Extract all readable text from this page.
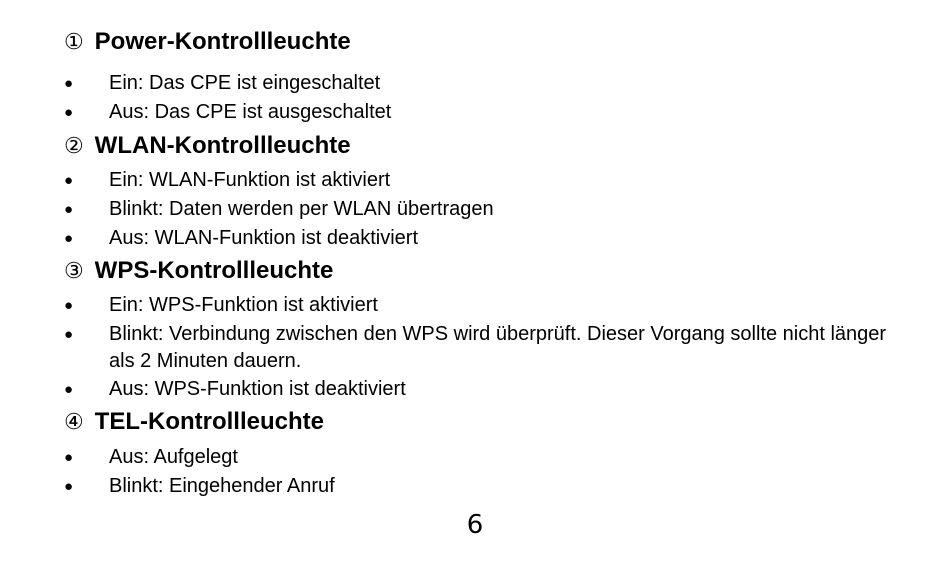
① Power-Kontrollleuchte
● Ein: Das CPE ist eingeschaltet
● Aus: Das CPE ist ausgeschaltet
② WLAN-Kontrollleuchte
● Ein: WLAN-Funktion ist aktiviert
● Blinkt: Daten werden per WLAN übertragen
● Aus: WLAN-Funktion ist deaktiviert
③ WPS-Kontrollleuchte
● Ein: WPS-Funktion ist aktiviert
● Blinkt: Verbindung zwischen den WPS wird überprüft. Dieser Vorgang sollte nicht länger als 2 Minuten dauern.
● Aus: WPS-Funktion ist deaktiviert
④ TEL-Kontrollleuchte
● Aus: Aufgelegt
● Blinkt: Eingehender Anruf
6
